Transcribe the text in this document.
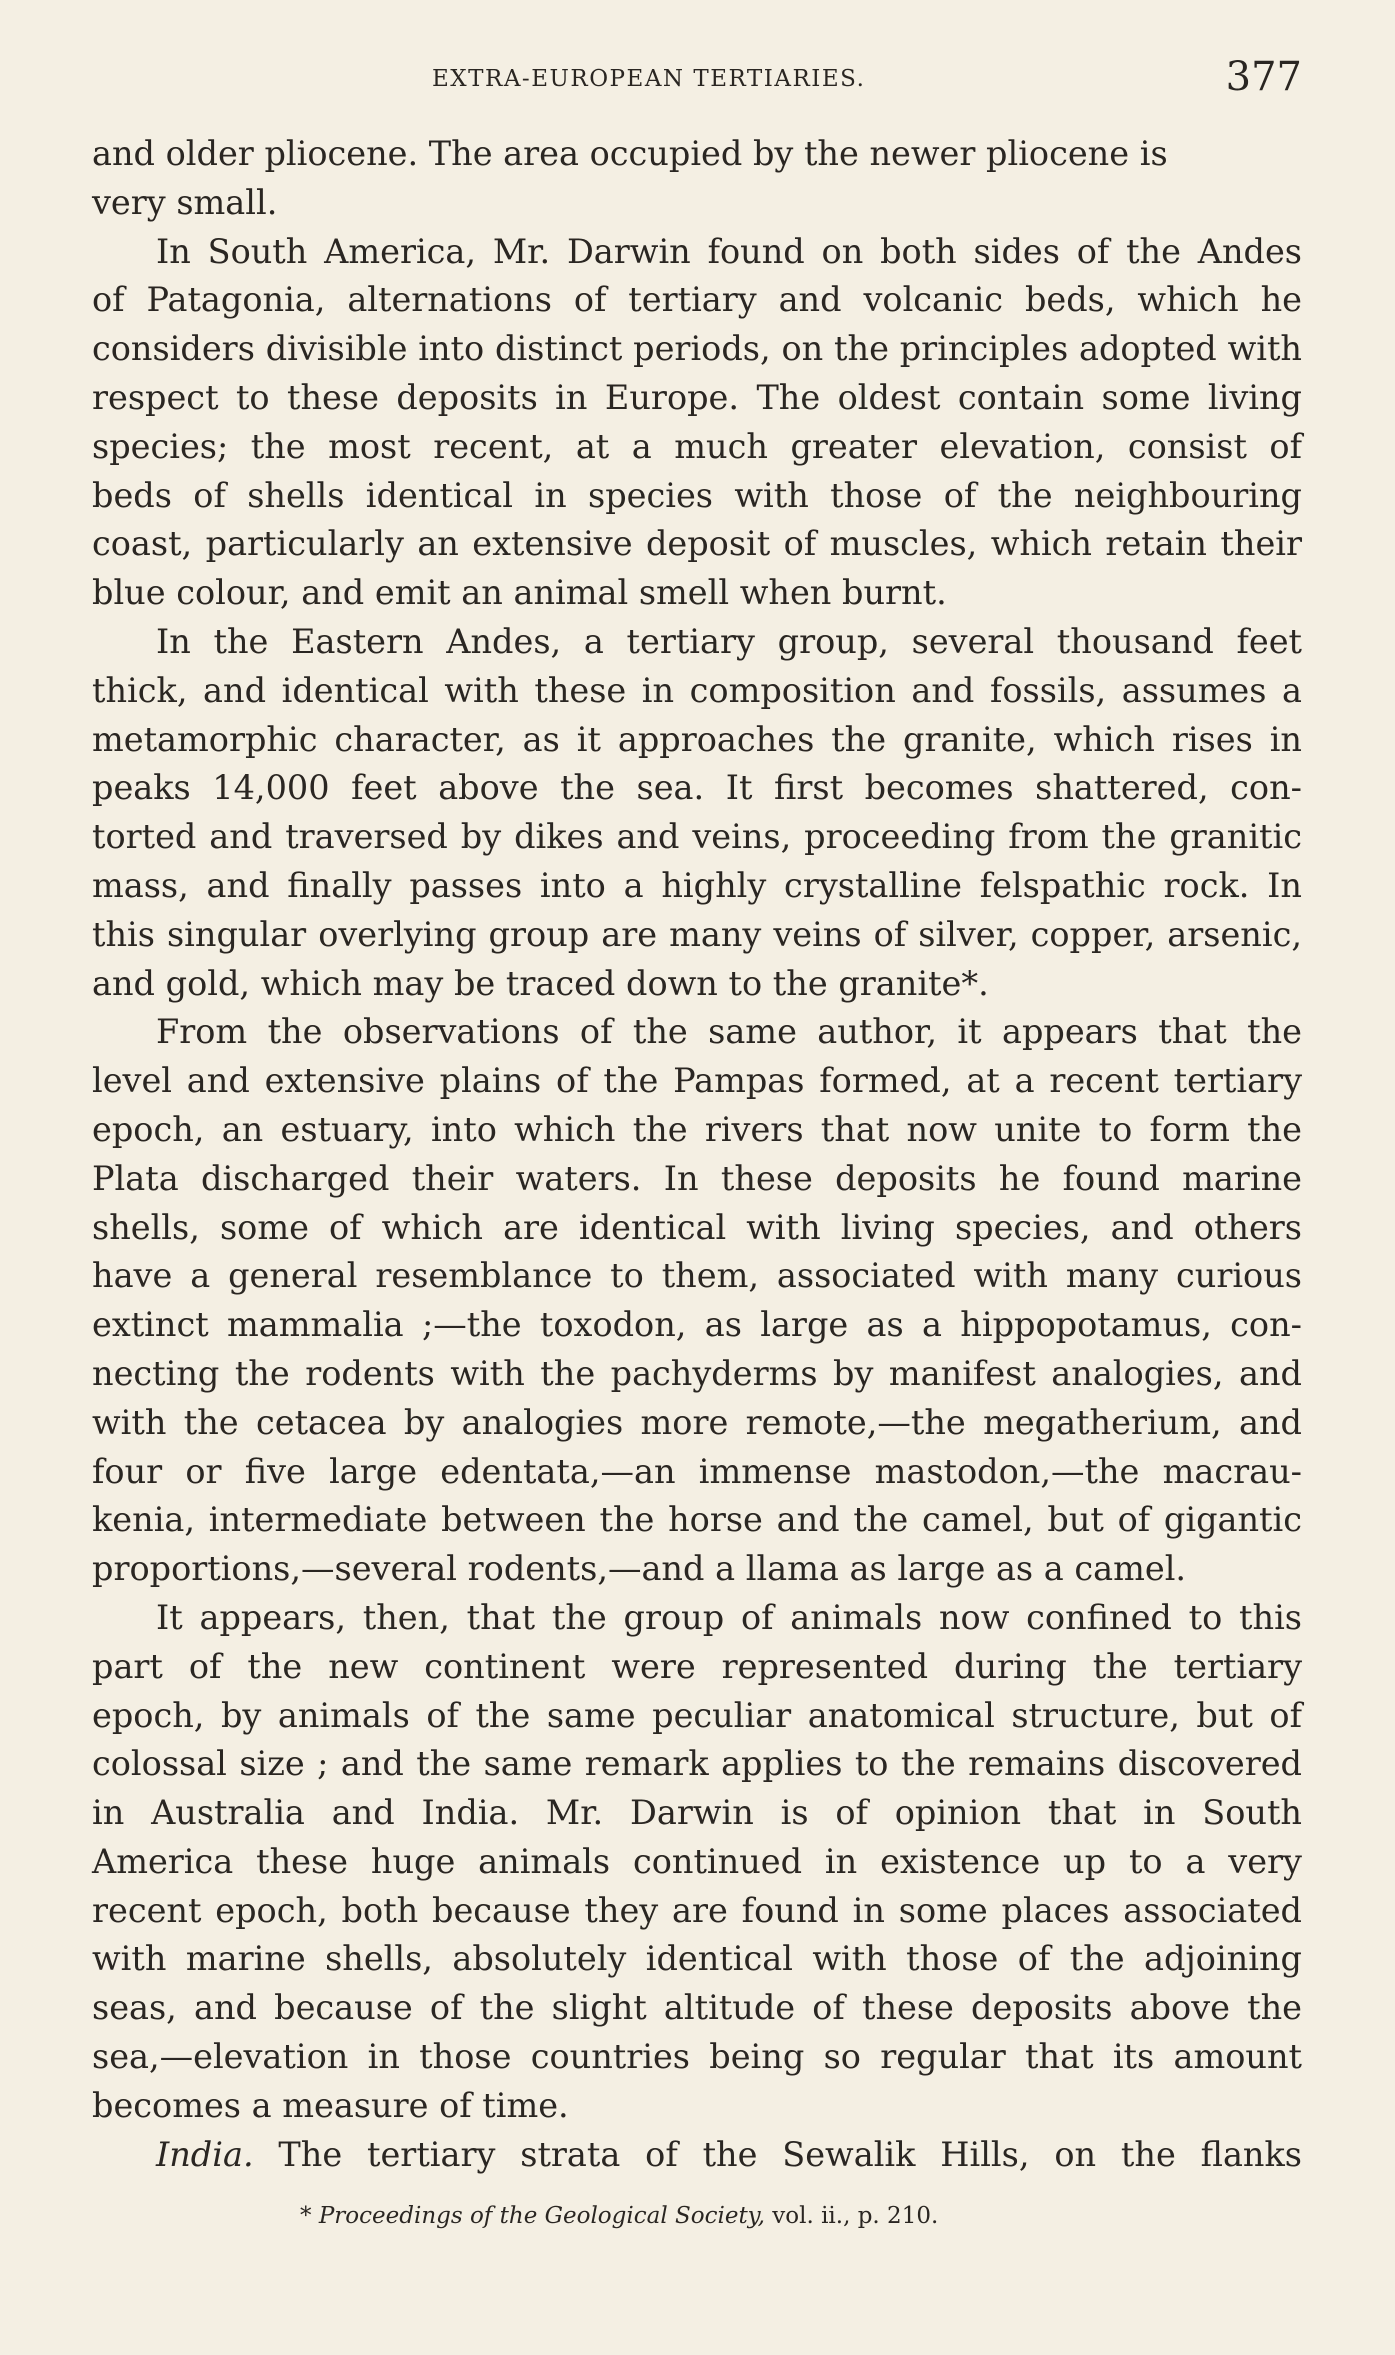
EXTRA-EUROPEAN TERTIARIES.	377
and older pliocene. The area occupied by the newer pliocene is
very small.
In South America, Mr. Darwin found on both sides of the Andes
of Patagonia, alternations of tertiary and volcanic beds, which he
considers divisible into distinct periods, on the principles adopted with
respect to these deposits in Europe. The oldest contain some living
species; the most recent, at a much greater elevation, consist of
beds of shells identical in species with those of the neighbouring
coast, particularly an extensive deposit of muscles, which retain their
blue colour, and emit an animal smell when burnt.
In the Eastern Andes, a tertiary group, several thousand feet
thick, and identical with these in composition and fossils, assumes a
metamorphic character, as it approaches the granite, which rises in
peaks 14,000 feet above the sea. It first becomes shattered, con-
torted and traversed by dikes and veins, proceeding from the granitic
mass, and finally passes into a highly crystalline felspathic rock. In
this singular overlying group are many veins of silver, copper, arsenic,
and gold, which may be traced down to the granite*.
From the observations of the same author, it appears that the
level and extensive plains of the Pampas formed, at a recent tertiary
epoch, an estuary, into which the rivers that now unite to form the
Plata discharged their waters. In these deposits he found marine
shells, some of which are identical with living species, and others
have a general resemblance to them, associated with many curious
extinct mammalia ;—the toxodon, as large as a hippopotamus, con-
necting the rodents with the pachyderms by manifest analogies, and
with the cetacea by analogies more remote,—the megatherium, and
four or five large edentata,—an immense mastodon,—the macrau-
kenia, intermediate between the horse and the camel, but of gigantic
proportions,—several rodents,—and a llama as large as a camel.
It appears, then, that the group of animals now confined to this
part of the new continent were represented during the tertiary
epoch, by animals of the same peculiar anatomical structure, but of
colossal size ; and the same remark applies to the remains discovered
in Australia and India. Mr. Darwin is of opinion that in South
America these huge animals continued in existence up to a very
recent epoch, both because they are found in some places associated
with marine shells, absolutely identical with those of the adjoining
seas, and because of the slight altitude of these deposits above the
sea,—elevation in those countries being so regular that its amount
becomes a measure of time.
India. The tertiary strata of the Sewalik Hills, on the flanks
* Proceedings of the Geological Society, vol. ii., p. 210.
